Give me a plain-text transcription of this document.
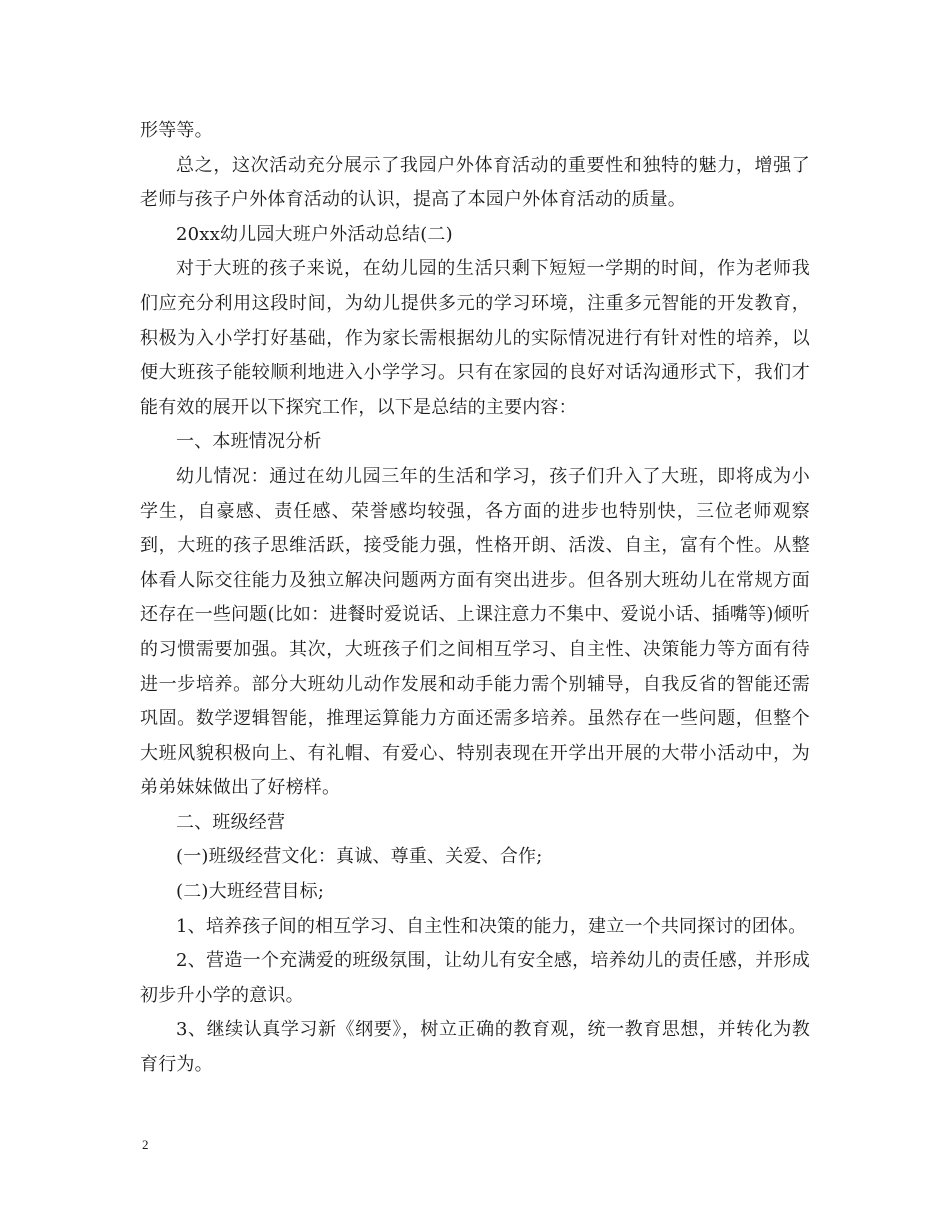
形等等。

总之，这次活动充分展示了我园户外体育活动的重要性和独特的魅力，增强了老师与孩子户外体育活动的认识，提高了本园户外体育活动的质量。

20xx幼儿园大班户外活动总结(二)

对于大班的孩子来说，在幼儿园的生活只剩下短短一学期的时间，作为老师我们应充分利用这段时间，为幼儿提供多元的学习环境，注重多元智能的开发教育，积极为入小学打好基础，作为家长需根据幼儿的实际情况进行有针对性的培养，以便大班孩子能较顺利地进入小学学习。只有在家园的良好对话沟通形式下，我们才能有效的展开以下探究工作，以下是总结的主要内容：

一、本班情况分析

幼儿情况：通过在幼儿园三年的生活和学习，孩子们升入了大班，即将成为小学生，自豪感、责任感、荣誉感均较强，各方面的进步也特别快，三位老师观察到，大班的孩子思维活跃，接受能力强，性格开朗、活泼、自主，富有个性。从整体看人际交往能力及独立解决问题两方面有突出进步。但各别大班幼儿在常规方面还存在一些问题(比如：进餐时爱说话、上课注意力不集中、爱说小话、插嘴等)倾听的习惯需要加强。其次，大班孩子们之间相互学习、自主性、决策能力等方面有待进一步培养。部分大班幼儿动作发展和动手能力需个别辅导，自我反省的智能还需巩固。数学逻辑智能，推理运算能力方面还需多培养。虽然存在一些问题，但整个大班风貌积极向上、有礼帽、有爱心、特别表现在开学出开展的大带小活动中，为弟弟妹妹做出了好榜样。

二、班级经营

(一)班级经营文化：真诚、尊重、关爱、合作;

(二)大班经营目标;

1、培养孩子间的相互学习、自主性和决策的能力，建立一个共同探讨的团体。

2、营造一个充满爱的班级氛围，让幼儿有安全感，培养幼儿的责任感，并形成初步升小学的意识。

3、继续认真学习新《纲要》，树立正确的教育观，统一教育思想，并转化为教育行为。

2
